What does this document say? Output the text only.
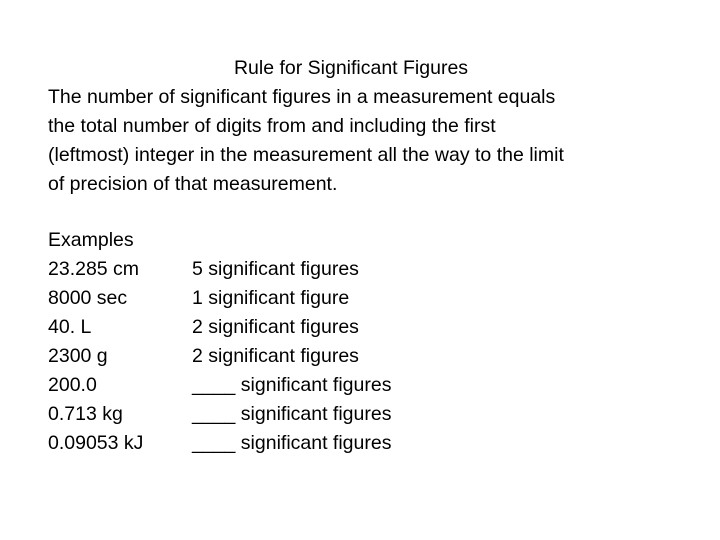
Rule for Significant Figures
The number of significant figures in a measurement equals
the total number of digits from and including the first
(leftmost) integer in the measurement all the way to the limit
of precision of that measurement.
Examples
23.285 cm	5 significant figures
8000 sec	1 significant figure
40. L	2 significant figures
2300 g	2 significant figures
200.0	____ significant figures
0.713 kg	____ significant figures
0.09053 kJ ____ significant figures
